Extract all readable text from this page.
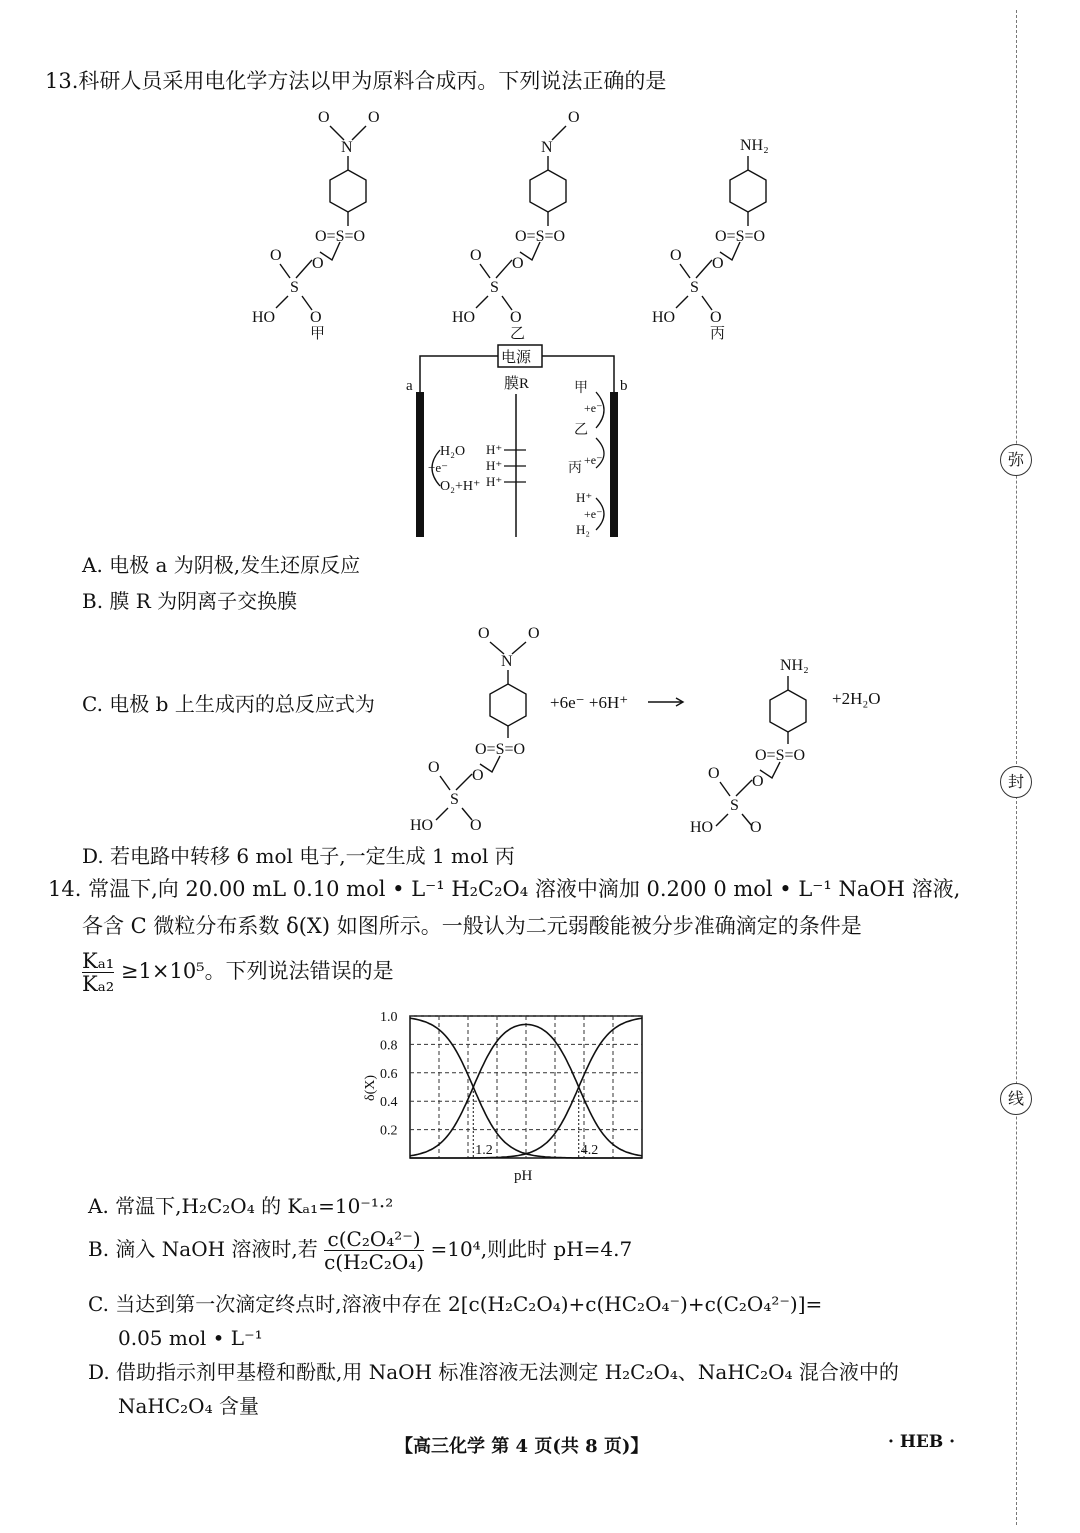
13.科研人员采用电化学方法以甲为原料合成丙。下列说法正确的是
O O
N
O=S=O
O
O
S
HO O
甲
O
N
O=S=O
O
O
S
HO O
乙
NH₂
O=S=O
O
O
S
HO O
丙
电源
a	b
膜R
H₂O
−e⁻
O₂+H⁺
H⁺
H⁺
H⁺
甲
+e⁻
乙
丙
+e⁻
H⁺
+e⁻
H₂
A. 电极 a 为阴极,发生还原反应
B. 膜 R 为阴离子交换膜
C. 电极 b 上生成丙的总反应式为
O O
N
O=S=O
O
O
S
HO O
+6e⁻ +6H⁺
NH₂
O=S=O
O
O
S
HO O
+2H₂O
D. 若电路中转移 6 mol 电子,一定生成 1 mol 丙
14. 常温下,向 20.00 mL 0.10 mol • L⁻¹ H₂C₂O₄ 溶液中滴加 0.200 0 mol • L⁻¹ NaOH 溶液,
各含 C 微粒分布系数 δ(X) 如图所示。一般认为二元弱酸能被分步准确滴定的条件是
$\frac{\text{Kₐ₁}}{\text{Kₐ₂}} \ge 1\times 10^5$。下列说法错误的是
1.0
0.8
0.6
0.4
0.2
1.2	4.2
pH
δ(X)
A. 常温下,H₂C₂O₄ 的 Kₐ₁=10⁻¹·²
B. 滴入 NaOH 溶液时,若 $\frac{\text{c(C₂O₄²⁻)}}{\text{c(H₂C₂O₄)}} =10^4$,则此时 pH=4.7
C. 当达到第一次滴定终点时,溶液中存在 2[c(H₂C₂O₄)+c(HC₂O₄⁻)+c(C₂O₄²⁻)]=
0.05 mol • L⁻¹
D. 借助指示剂甲基橙和酚酞,用 NaOH 标准溶液无法测定 H₂C₂O₄、NaHC₂O₄ 混合液中的
NaHC₂O₄ 含量
【高三化学 第 4 页(共 8 页)】	· HEB ·
弥
封
线
